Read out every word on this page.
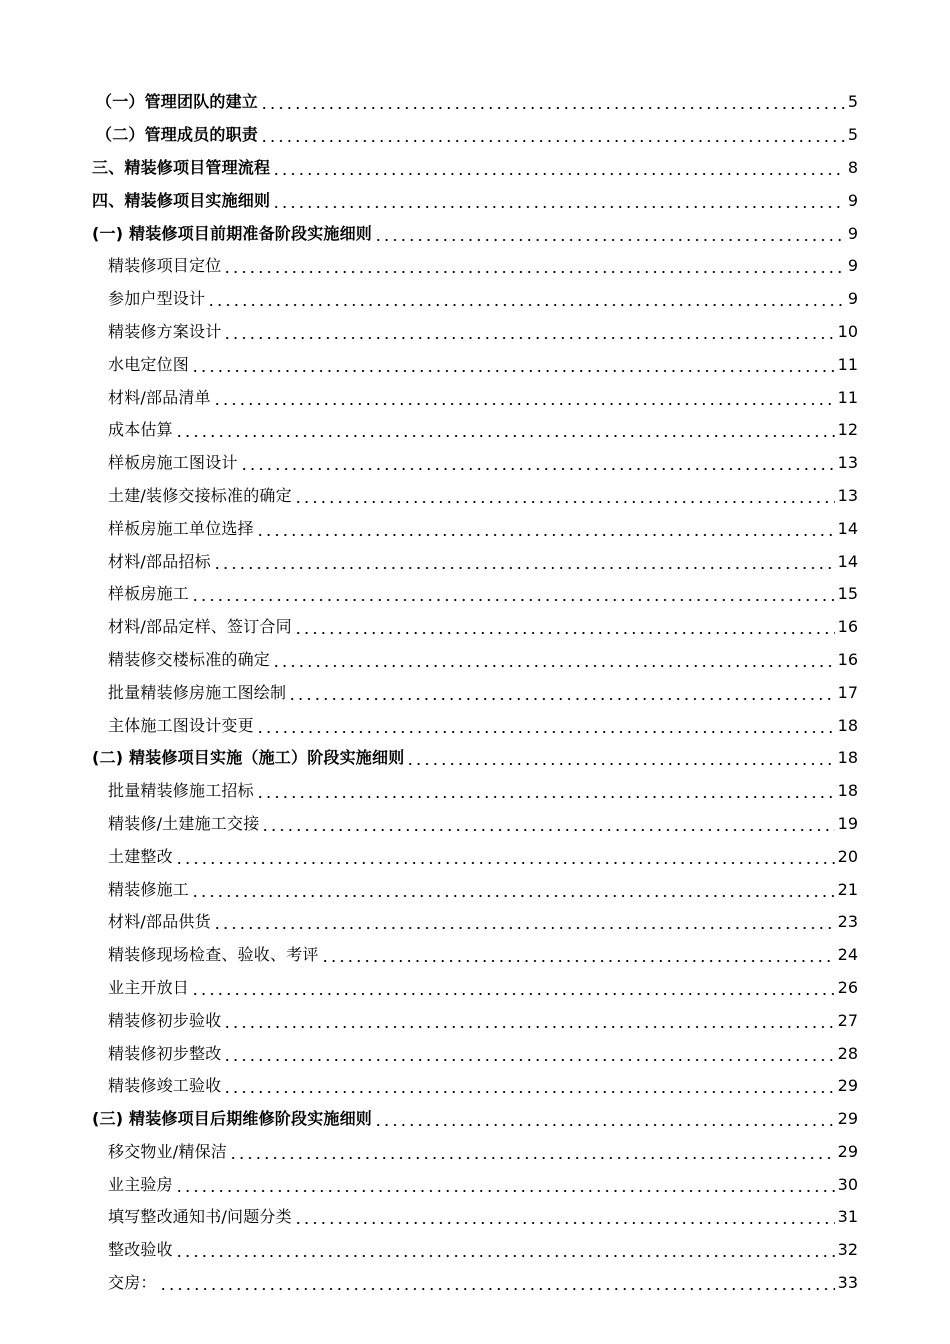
（一）管理团队的建立	5
（二）管理成员的职责	5
三、精装修项目管理流程	8
四、精装修项目实施细则	9
(一) 精装修项目前期准备阶段实施细则	9
精装修项目定位	9
参加户型设计	9
精装修方案设计	10
水电定位图	11
材料/部品清单	11
成本估算	12
样板房施工图设计	13
土建/装修交接标准的确定	13
样板房施工单位选择	14
材料/部品招标	14
样板房施工	15
材料/部品定样、签订合同	16
精装修交楼标准的确定	16
批量精装修房施工图绘制	17
主体施工图设计变更	18
(二) 精装修项目实施（施工）阶段实施细则	18
批量精装修施工招标	18
精装修/土建施工交接	19
土建整改	20
精装修施工	21
材料/部品供货	23
精装修现场检查、验收、考评	24
业主开放日	26
精装修初步验收	27
精装修初步整改	28
精装修竣工验收	29
(三) 精装修项目后期维修阶段实施细则	29
移交物业/精保洁	29
业主验房	30
填写整改通知书/问题分类	31
整改验收	32
交房：	33
